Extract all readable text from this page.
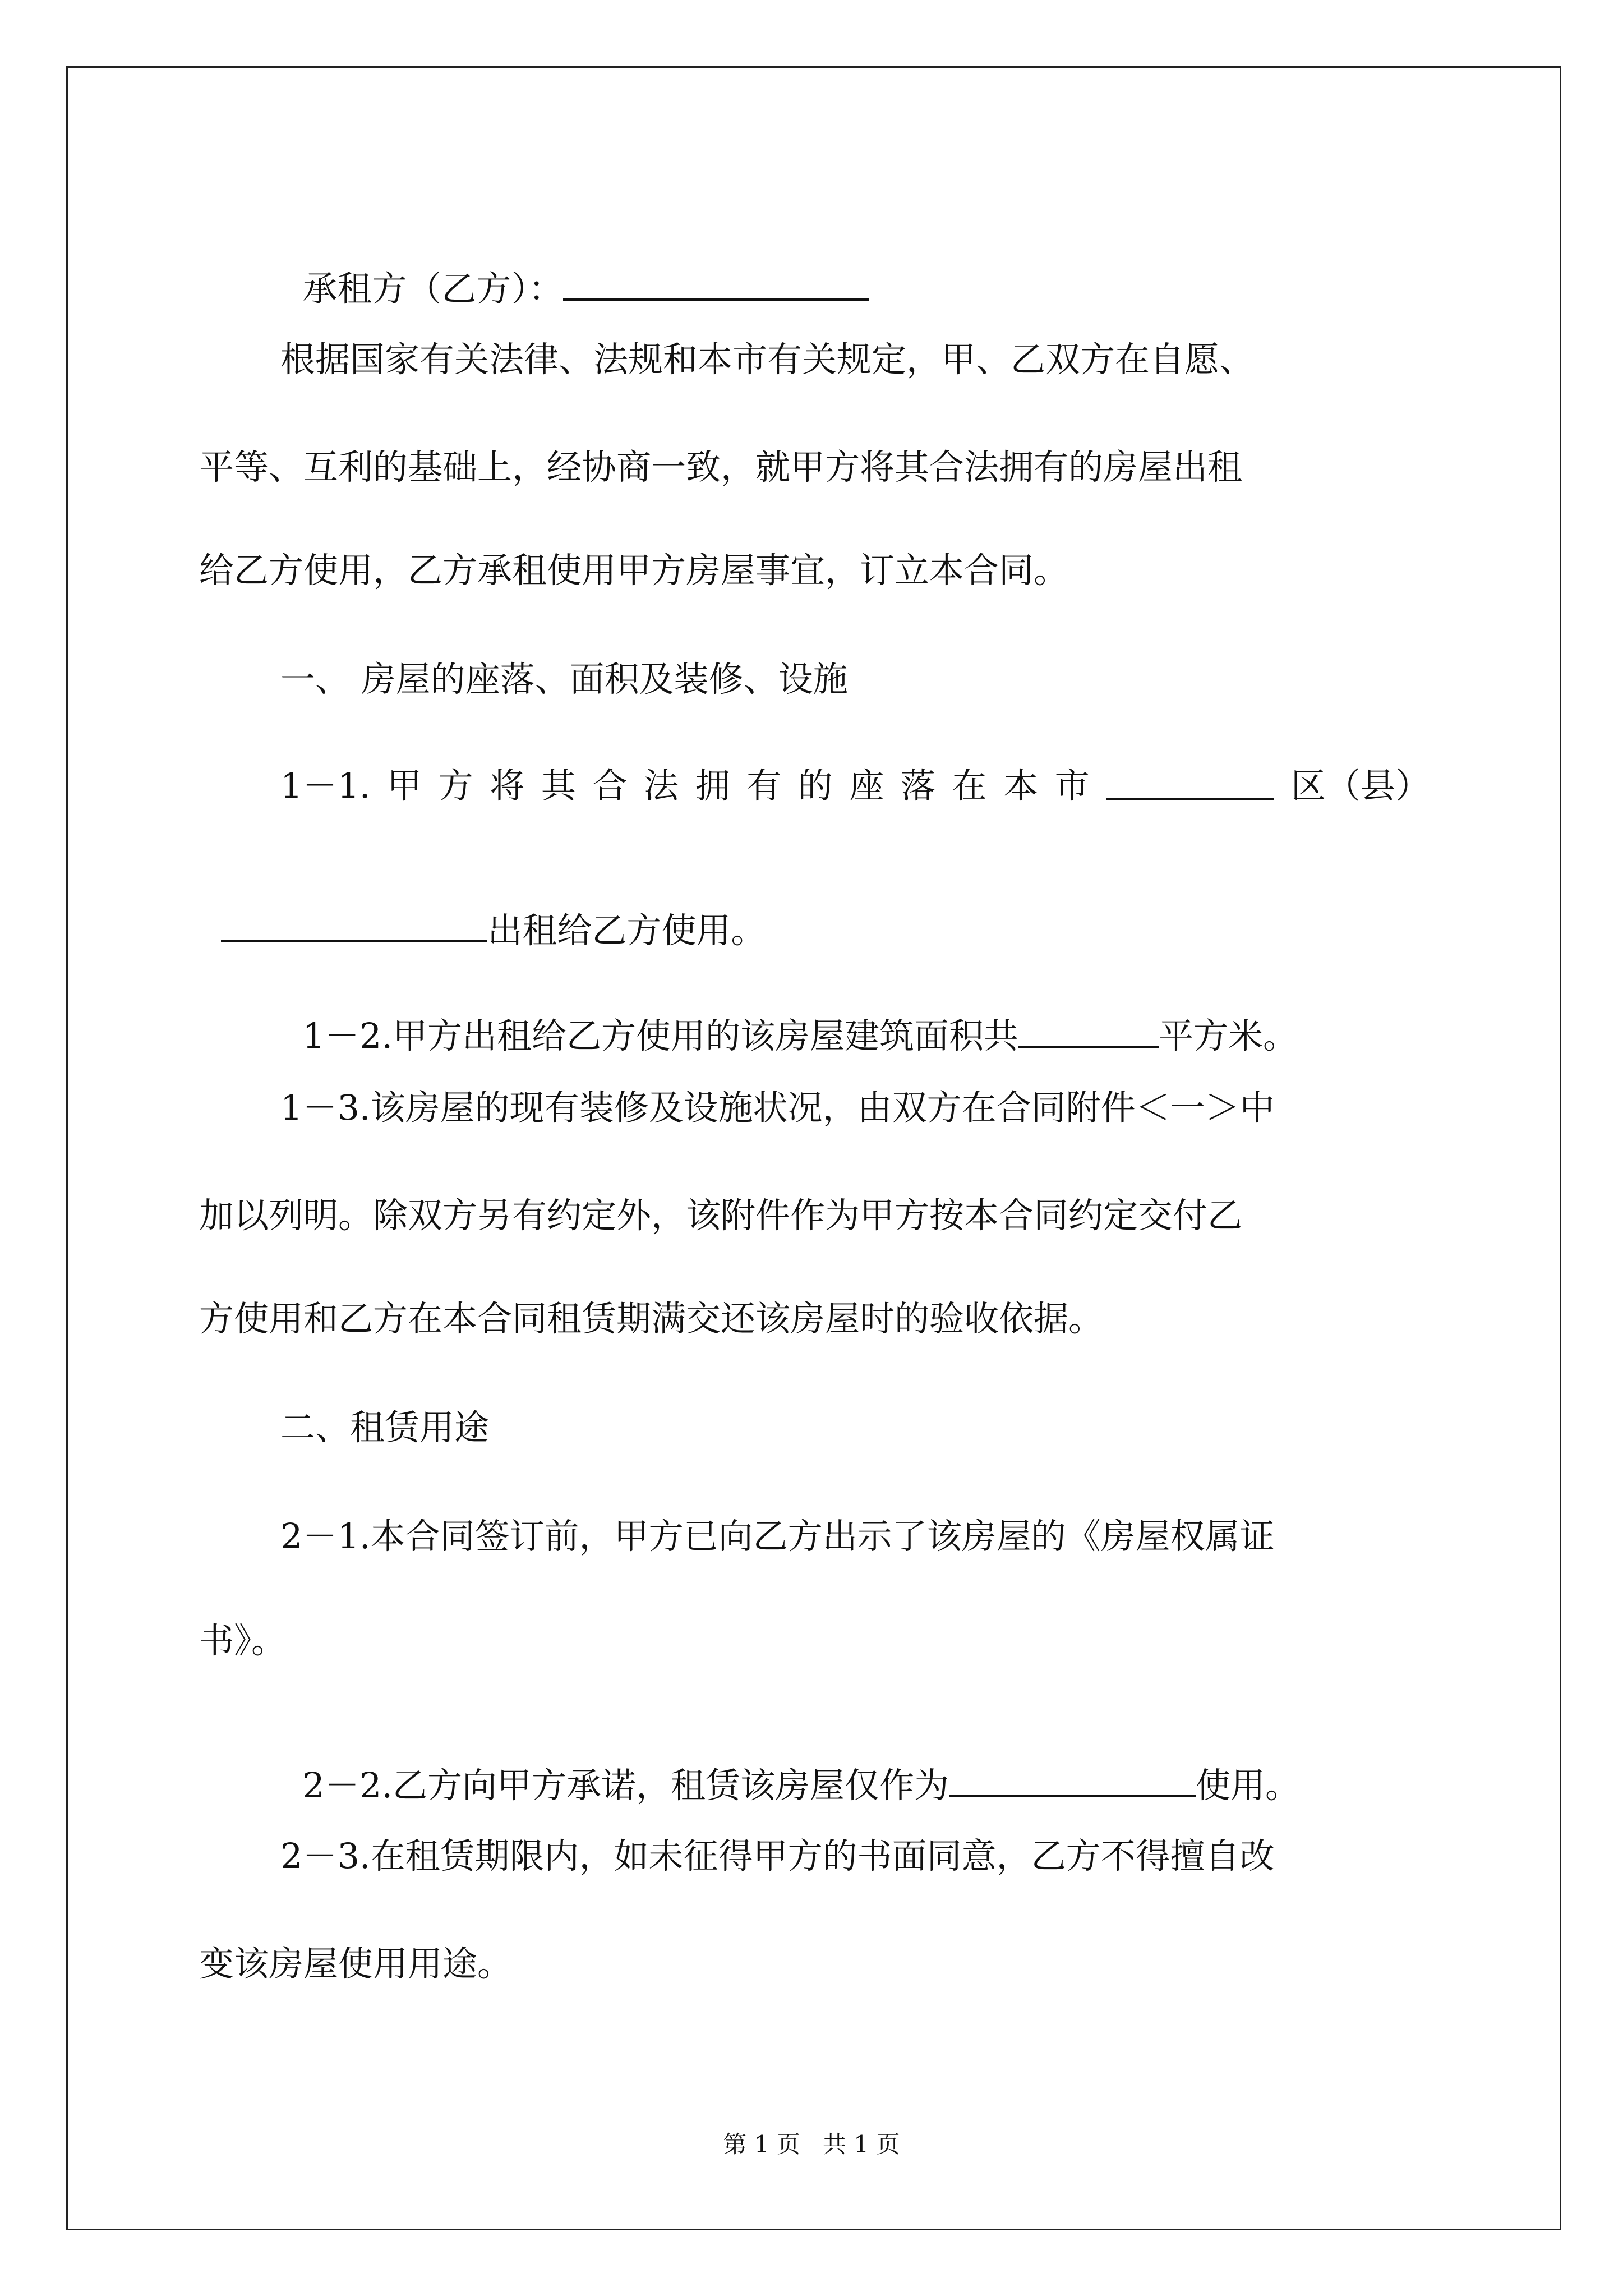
承租方（乙方）：

根据国家有关法律、法规和本市有关规定，甲、乙双方在自愿、
平等、互利的基础上，经协商一致，就甲方将其合法拥有的房屋出租
给乙方使用，乙方承租使用甲方房屋事宜，订立本合同。
一、 房屋的座落、面积及装修、设施
1－1. 甲 方 将 其 合 法 拥 有 的 座 落 在 本 市	区（县）

出租给乙方使用。

1－2.甲方出租给乙方使用的该房屋建筑面积共	平方米。

1－3.该房屋的现有装修及设施状况，由双方在合同附件＜一＞中
加以列明。除双方另有约定外，该附件作为甲方按本合同约定交付乙
方使用和乙方在本合同租赁期满交还该房屋时的验收依据。
二、租赁用途
2－1.本合同签订前，甲方已向乙方出示了该房屋的《房屋权属证
书》。

2－2.乙方向甲方承诺，租赁该房屋仅作为	使用。

2－3.在租赁期限内，如未征得甲方的书面同意，乙方不得擅自改
变该房屋使用用途。
第 1 页   共 1 页
